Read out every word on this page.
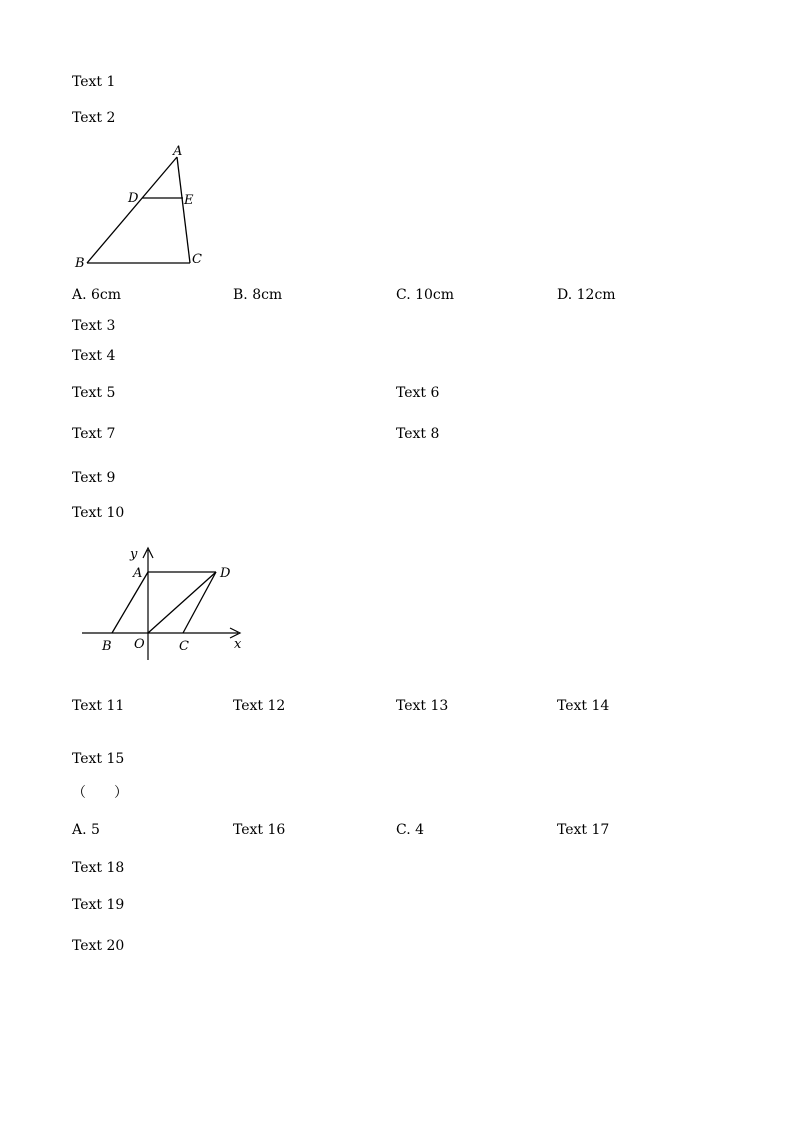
Text 1
Text 2
A
D	E
B	C
A. 6cm	B. 8cm	C. 10cm	D. 12cm
Text 3
Text 4
Text 5	Text 6
Text 7	Text 8
Text 9
Text 10
y
A	D
O
B	C	x
Text 11	Text 12	Text 13	Text 14
Text 15
（　　）
A. 5	Text 16	C. 4	Text 17
Text 18
Text 19
Text 20
